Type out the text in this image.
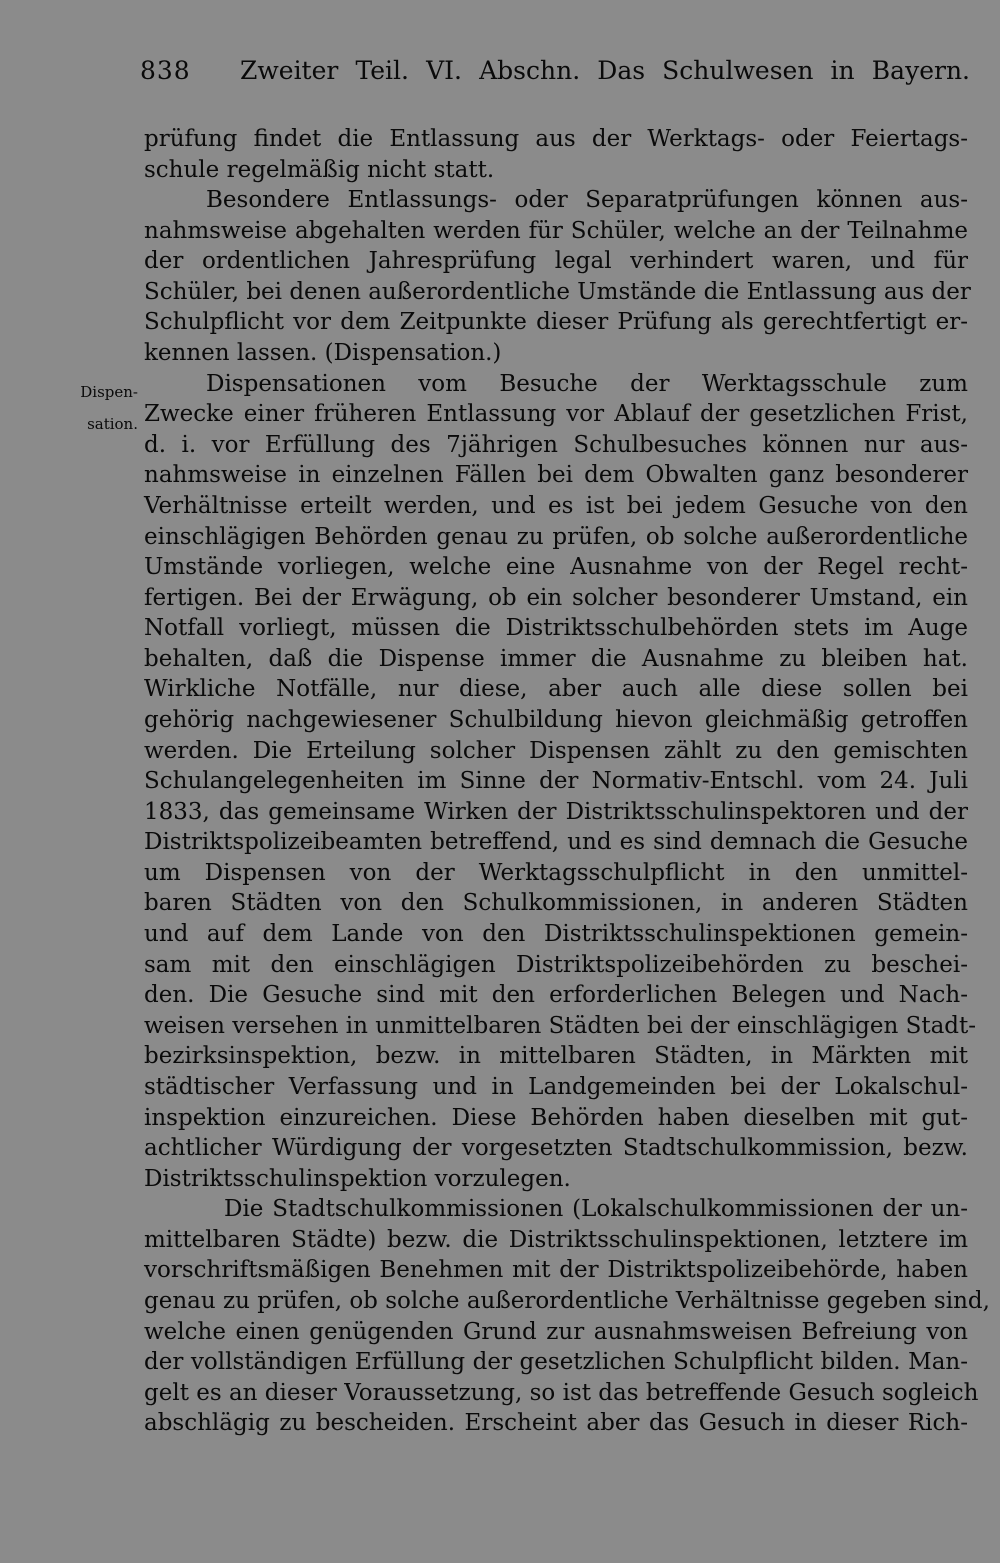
838 Zweiter Teil. VI. Abschn. Das Schulwesen in Bayern.
Dispen-
sation.
prüfung findet die Entlassung aus der Werktags- oder Feiertags-
schule regelmäßig nicht statt.
Besondere Entlassungs- oder Separatprüfungen können aus-
nahmsweise abgehalten werden für Schüler, welche an der Teilnahme
der ordentlichen Jahresprüfung legal verhindert waren, und für
Schüler, bei denen außerordentliche Umstände die Entlassung aus der
Schulpflicht vor dem Zeitpunkte dieser Prüfung als gerechtfertigt er-
kennen lassen. (Dispensation.)
Dispensationen vom Besuche der Werktagsschule zum
Zwecke einer früheren Entlassung vor Ablauf der gesetzlichen Frist,
d. i. vor Erfüllung des 7jährigen Schulbesuches können nur aus-
nahmsweise in einzelnen Fällen bei dem Obwalten ganz besonderer
Verhältnisse erteilt werden, und es ist bei jedem Gesuche von den
einschlägigen Behörden genau zu prüfen, ob solche außerordentliche
Umstände vorliegen, welche eine Ausnahme von der Regel recht-
fertigen. Bei der Erwägung, ob ein solcher besonderer Umstand, ein
Notfall vorliegt, müssen die Distriktsschulbehörden stets im Auge
behalten, daß die Dispense immer die Ausnahme zu bleiben hat.
Wirkliche Notfälle, nur diese, aber auch alle diese sollen bei
gehörig nachgewiesener Schulbildung hievon gleichmäßig getroffen
werden. Die Erteilung solcher Dispensen zählt zu den gemischten
Schulangelegenheiten im Sinne der Normativ-Entschl. vom 24. Juli
1833, das gemeinsame Wirken der Distriktsschulinspektoren und der
Distriktspolizeibeamten betreffend, und es sind demnach die Gesuche
um Dispensen von der Werktagsschulpflicht in den unmittel-
baren Städten von den Schulkommissionen, in anderen Städten
und auf dem Lande von den Distriktsschulinspektionen gemein-
sam mit den einschlägigen Distriktspolizeibehörden zu beschei-
den. Die Gesuche sind mit den erforderlichen Belegen und Nach-
weisen versehen in unmittelbaren Städten bei der einschlägigen Stadt-
bezirksinspektion, bezw. in mittelbaren Städten, in Märkten mit
städtischer Verfassung und in Landgemeinden bei der Lokalschul-
inspektion einzureichen. Diese Behörden haben dieselben mit gut-
achtlicher Würdigung der vorgesetzten Stadtschulkommission, bezw.
Distriktsschulinspektion vorzulegen.
Die Stadtschulkommissionen (Lokalschulkommissionen der un-
mittelbaren Städte) bezw. die Distriktsschulinspektionen, letztere im
vorschriftsmäßigen Benehmen mit der Distriktspolizeibehörde, haben
genau zu prüfen, ob solche außerordentliche Verhältnisse gegeben sind,
welche einen genügenden Grund zur ausnahmsweisen Befreiung von
der vollständigen Erfüllung der gesetzlichen Schulpflicht bilden. Man-
gelt es an dieser Voraussetzung, so ist das betreffende Gesuch sogleich
abschlägig zu bescheiden. Erscheint aber das Gesuch in dieser Rich-
